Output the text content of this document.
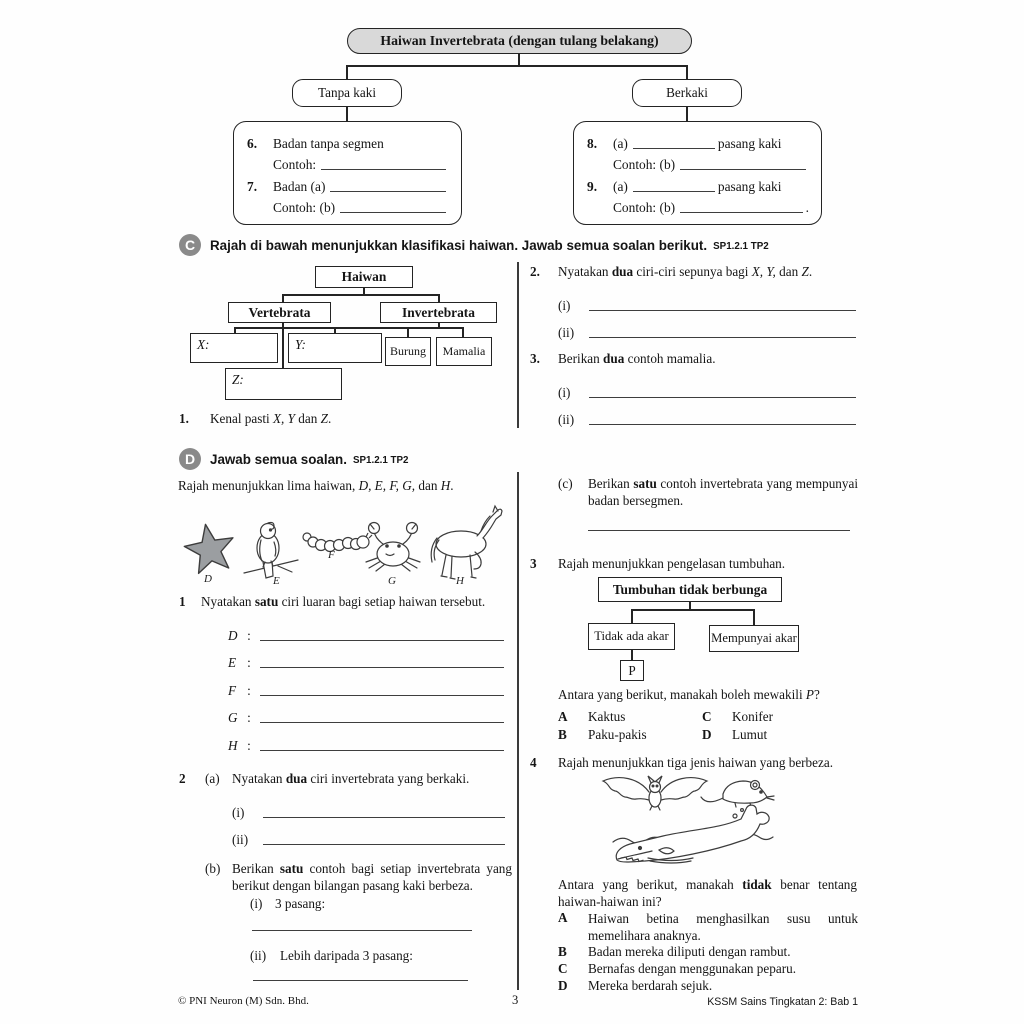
Haiwan Invertebrata (dengan tulang belakang)
Tanpa kaki	Berkaki
6.	Badan tanpa segmen
Contoh:
7.	Badan (a)
Contoh: (b)
8.	(a)	pasang kaki
Contoh: (b)
9.	(a)	pasang kaki
Contoh: (b)	.
C	Rajah di bawah menunjukkan klasifikasi haiwan. Jawab semua soalan berikut. SP1.2.1 TP2
Haiwan
Vertebrata	Invertebrata
X:	Y:	Burung Mamalia
Z:
1.	Kenal pasti X, Y dan Z.
2.	Nyatakan dua ciri-ciri sepunya bagi X, Y, dan Z.
(i)
(ii)
3.	Berikan dua contoh mamalia.
(i)
(ii)
D	Jawab semua soalan. SP1.2.1 TP2
Rajah menunjukkan lima haiwan, D, E, F, G, dan H.
D	E
F
G	H
1	Nyatakan satu ciri luaran bagi setiap haiwan tersebut.
D :
E :
F :
G :
H :
2	(a) Nyatakan dua ciri invertebrata yang berkaki.
(i)
(ii)
(b) Berikan satu contoh bagi setiap invertebrata yang berikut dengan bilangan pasang kaki berbeza.
(i) 3 pasang:
(ii)	Lebih daripada 3 pasang:
(c)	Berikan satu contoh invertebrata yang mempunyai badan bersegmen.
3	Rajah menunjukkan pengelasan tumbuhan.
Tumbuhan tidak berbunga
Tidak ada akar	Mempunyai akar
P
Antara yang berikut, manakah boleh mewakili P?
A	Kaktus	C	Konifer
B	Paku-pakis	D	Lumut
4	Rajah menunjukkan tiga jenis haiwan yang berbeza.
Antara yang berikut, manakah tidak benar tentang haiwan-haiwan ini?
A	Haiwan betina menghasilkan susu untuk memelihara anaknya.
B	Badan mereka diliputi dengan rambut.
C	Bernafas dengan menggunakan peparu.
D	Mereka berdarah sejuk.
© PNI Neuron (M) Sdn. Bhd.	3	KSSM Sains Tingkatan 2: Bab 1
